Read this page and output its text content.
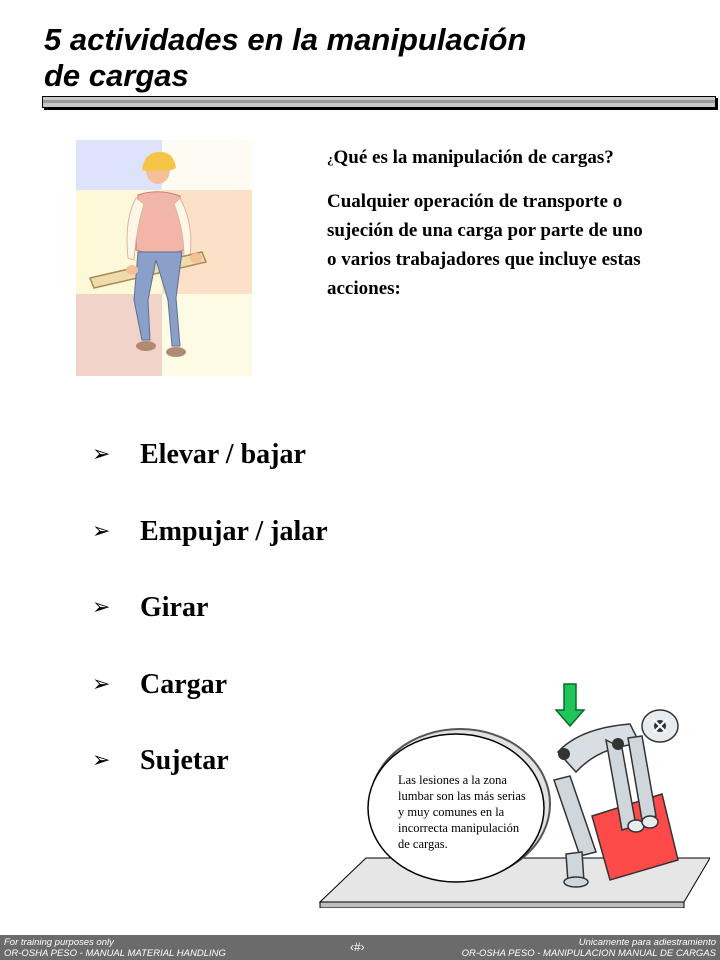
5 actividades en la manipulación
de cargas

¿Qué es la manipulación de cargas?

Cualquier operación de transporte o sujeción de una carga por parte de uno o varios trabajadores que incluye estas acciones:

➢	Elevar / bajar
➢	Empujar / jalar
➢	Girar
➢	Cargar
➢	Sujetar
Las lesiones a la zona
lumbar son las más serias
y muy comunes en la
incorrecta manipulación
de cargas.
For training purposes only
OR-OSHA PESO - MANUAL MATERIAL HANDLING	‹#›	Unicamente para adiestramiento
OR-OSHA PESO - MANIPULACION MANUAL DE CARGAS
